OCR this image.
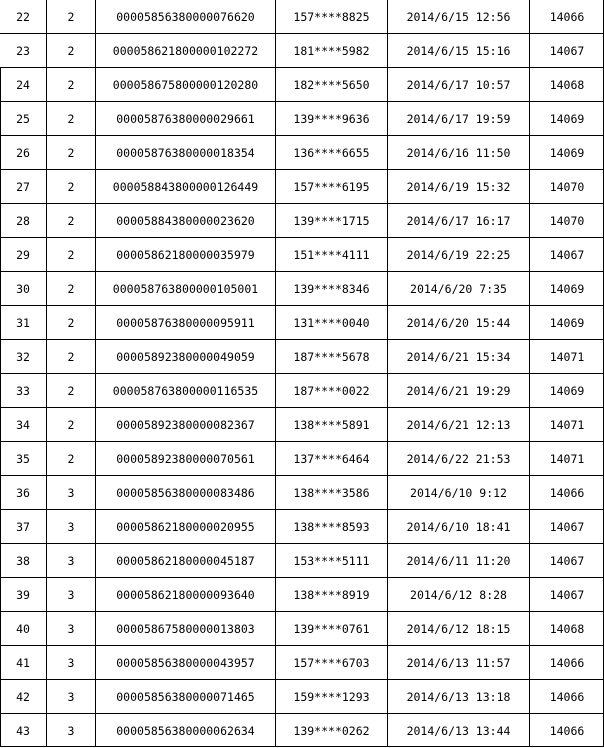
22	2	00005856380000076620	157****8825	2014/6/15 12:56	14066
23	2	000058621800000102272	181****5982	2014/6/15 15:16	14067
24	2	000058675800000120280	182****5650	2014/6/17 10:57	14068
25	2	00005876380000029661	139****9636	2014/6/17 19:59	14069
26	2	00005876380000018354	136****6655	2014/6/16 11:50	14069
27	2	000058843800000126449	157****6195	2014/6/19 15:32	14070
28	2	00005884380000023620	139****1715	2014/6/17 16:17	14070
29	2	00005862180000035979	151****4111	2014/6/19 22:25	14067
30	2	000058763800000105001	139****8346	2014/6/20 7:35	14069
31	2	00005876380000095911	131****0040	2014/6/20 15:44	14069
32	2	00005892380000049059	187****5678	2014/6/21 15:34	14071
33	2	000058763800000116535	187****0022	2014/6/21 19:29	14069
34	2	00005892380000082367	138****5891	2014/6/21 12:13	14071
35	2	00005892380000070561	137****6464	2014/6/22 21:53	14071
36	3	00005856380000083486	138****3586	2014/6/10 9:12	14066
37	3	00005862180000020955	138****8593	2014/6/10 18:41	14067
38	3	00005862180000045187	153****5111	2014/6/11 11:20	14067
39	3	00005862180000093640	138****8919	2014/6/12 8:28	14067
40	3	00005867580000013803	139****0761	2014/6/12 18:15	14068
41	3	00005856380000043957	157****6703	2014/6/13 11:57	14066
42	3	00005856380000071465	159****1293	2014/6/13 13:18	14066
43	3	00005856380000062634	139****0262	2014/6/13 13:44	14066
